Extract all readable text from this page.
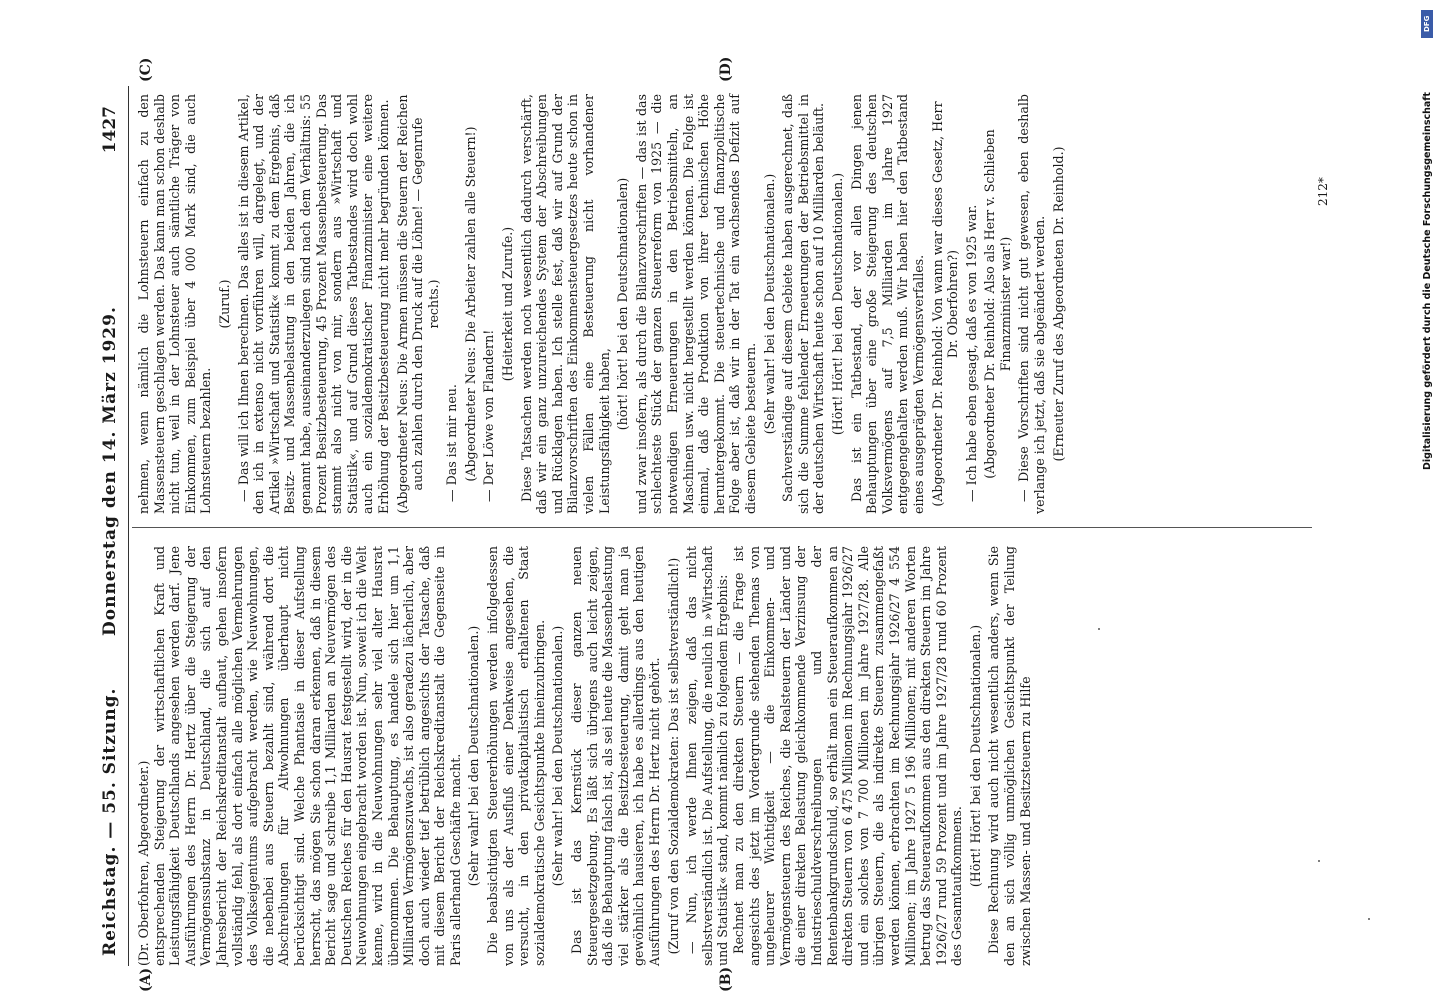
Reichstag. — 55. Sitzung.
Donnerstag den 14. März 1929.
1427
(A)	(B)
(C)	(D)

(Dr. Oberfohren, Abgeordneter.) entsprechenden Steigerung der wirtschaftlichen Kraft und Leistungsfähigkeit Deutschlands angesehen werden darf. Jene Ausführungen des Herrn Dr. Hertz über die Steigerung der Vermögenssubstanz in Deutschland, die sich auf den Jahresbericht der Reichskreditanstalt aufbaut, gehen insofern vollständig fehl, als dort einfach alle möglichen Vermehrungen des Volkseigentums aufgebracht werden, wie Neuwohnungen, die nebenbei aus Steuern bezahlt sind, während dort die Abschreibungen für Altwohnungen überhaupt nicht berücksichtigt sind. Welche Phantasie in dieser Aufstellung herrscht, das mögen Sie schon daran erkennen, daß in diesem Bericht sage und schreibe 1,1 Milliarden an Neuvermögen des Deutschen Reiches für den Hausrat festgestellt wird, der in die Neuwohnungen eingebracht worden ist. Nun, soweit ich die Welt kenne, wird in die Neuwohnungen sehr viel alter Hausrat übernommen. Die Behauptung, es handele sich hier um 1,1 Milliarden Vermögenszuwachs, ist also geradezu lächerlich, aber doch auch wieder tief betrüblich angesichts der Tatsache, daß mit diesem Bericht der Reichskreditanstalt die Gegenseite in Paris allerhand Geschäfte macht. (Sehr wahr! bei den Deutschnationalen.) Die beabsichtigten Steuererhöhungen werden infolgedessen von uns als der Ausfluß einer Denkweise angesehen, die versucht, in den privatkapitalistisch erhaltenen Staat sozialdemokratische Gesichtspunkte hineinzubringen. (Sehr wahr! bei den Deutschnationalen.) Das ist das Kernstück dieser ganzen neuen Steuergesetzgebung. Es läßt sich übrigens auch leicht zeigen, daß die Behauptung falsch ist, als sei heute die Massenbelastung viel stärker als die Besitzbesteuerung, damit geht man ja gewöhnlich hausieren, ich habe es allerdings aus den heutigen Ausführungen des Herrn Dr. Hertz nicht gehört. (Zuruf von den Sozialdemokraten: Das ist selbstverständlich!) — Nun, ich werde Ihnen zeigen, daß das nicht selbstverständlich ist. Die Aufstellung, die neulich in »Wirtschaft und Statistik« stand, kommt nämlich zu folgendem Ergebnis: Rechnet man zu den direkten Steuern — die Frage ist angesichts des jetzt im Vordergrunde stehenden Themas von ungeheurer Wichtigkeit — die Einkommen- und Vermögensteuern des Reiches, die Realsteuern der Länder und die einer direkten Belastung gleichkommende Verzinsung der Industrieschuldverschreibungen und der Rentenbankgrundschuld, so erhält man ein Steueraufkommen an direkten Steuern von 6 475 Millionen im Rechnungsjahr 1926/27 und ein solches von 7 700 Millionen im Jahre 1927/28. Alle übrigen Steuern, die als indirekte Steuern zusammengefaßt werden können, erbrachten im Rechnungsjahr 1926/27 4 554 Millionen; im Jahre 1927 5 196 Millionen; mit anderen Worten betrug das Steueraufkommen aus den direkten Steuern im Jahre 1926/27 rund 59 Prozent und im Jahre 1927/28 rund 60 Prozent des Gesamtaufkommens. (Hört! Hört! bei den Deutschnationalen.) Diese Rechnung wird auch nicht wesentlich anders, wenn Sie den an sich völlig unmöglichen Gesichtspunkt der Teilung zwischen Massen- und Besitzsteuern zu Hilfe

nehmen, wenn nämlich die Lohnsteuern einfach zu den Massensteuern geschlagen werden. Das kann man schon deshalb nicht tun, weil in der Lohnsteuer auch sämtliche Träger von Einkommen, zum Beispiel über 4 000 Mark sind, die auch Lohnsteuern bezahlen.

(Zuruf.) — Das will ich Ihnen berechnen. Das alles ist in diesem Artikel, den ich in extenso nicht vorführen will, dargelegt, und der Artikel »Wirtschaft und Statistik« kommt zu dem Ergebnis, daß Besitz- und Massenbelastung in den beiden Jahren, die ich genannt habe, auseinanderzulegen sind nach dem Verhältnis: 55 Prozent Besitzbesteuerung, 45 Prozent Massenbesteuerung. Das stammt also nicht von mir, sondern aus »Wirtschaft und Statistik«, und auf Grund dieses Tatbestandes wird doch wohl auch ein sozialdemokratischer Finanzminister eine weitere Erhöhung der Besitzbesteuerung nicht mehr begründen können. (Abgeordneter Neus: Die Armen müssen die Steuern der Reichen auch zahlen durch den Druck auf die Löhne! — Gegenrufe rechts.)

— Das ist mir neu. (Abgeordneter Neus: Die Arbeiter zahlen alle Steuern!) — Der Löwe von Flandern!

(Heiterkeit und Zurufe.) Diese Tatsachen werden noch wesentlich dadurch verschärft, daß wir ein ganz unzureichendes System der Abschreibungen und Rücklagen haben. Ich stelle fest, daß wir auf Grund der Bilanzvorschriften des Einkommensteuergesetzes heute schon in vielen Fällen eine Besteuerung nicht vorhandener Leistungsfähigkeit haben,

(hört! hört! bei den Deutschnationalen) und zwar insofern, als durch die Bilanzvorschriften — das ist das schlechteste Stück der ganzen Steuerreform von 1925 — die notwendigen Erneuerungen in den Betriebsmitteln, an Maschinen usw. nicht hergestellt werden können. Die Folge ist einmal, daß die Produktion von ihrer technischen Höhe heruntergekommt. Die steuertechnische und finanzpolitische Folge aber ist, daß wir in der Tat ein wachsendes Defizit auf diesem Gebiete besteuern. (Sehr wahr! bei den Deutschnationalen.) Sachverständige auf diesem Gebiete haben ausgerechnet, daß sich die Summe fehlender Erneuerungen der Betriebsmittel in der deutschen Wirtschaft heute schon auf 10 Milliarden beläuft. (Hört! Hört! bei den Deutschnationalen.) Das ist ein Tatbestand, der vor allen Dingen jenen Behauptungen über eine große Steigerung des deutschen Volksvermögens auf 7,5 Milliarden im Jahre 1927 entgegengehalten werden muß. Wir haben hier den Tatbestand eines ausgeprägten Vermögensverfalles. (Abgeordneter Dr. Reinhold: Von wann war dieses Gesetz, Herr Dr. Oberfohren?) — Ich habe eben gesagt, daß es von 1925 war. (Abgeordneter Dr. Reinhold: Also als Herr v. Schlieben Finanzminister war!) — Diese Vorschriften sind nicht gut gewesen, eben deshalb verlange ich jetzt, daß sie abgeändert werden. (Erneuter Zuruf des Abgeordneten Dr. Reinhold.)	212*
DFG
Digitalisierung gefördert durch die Deutsche Forschungsgemeinschaft
